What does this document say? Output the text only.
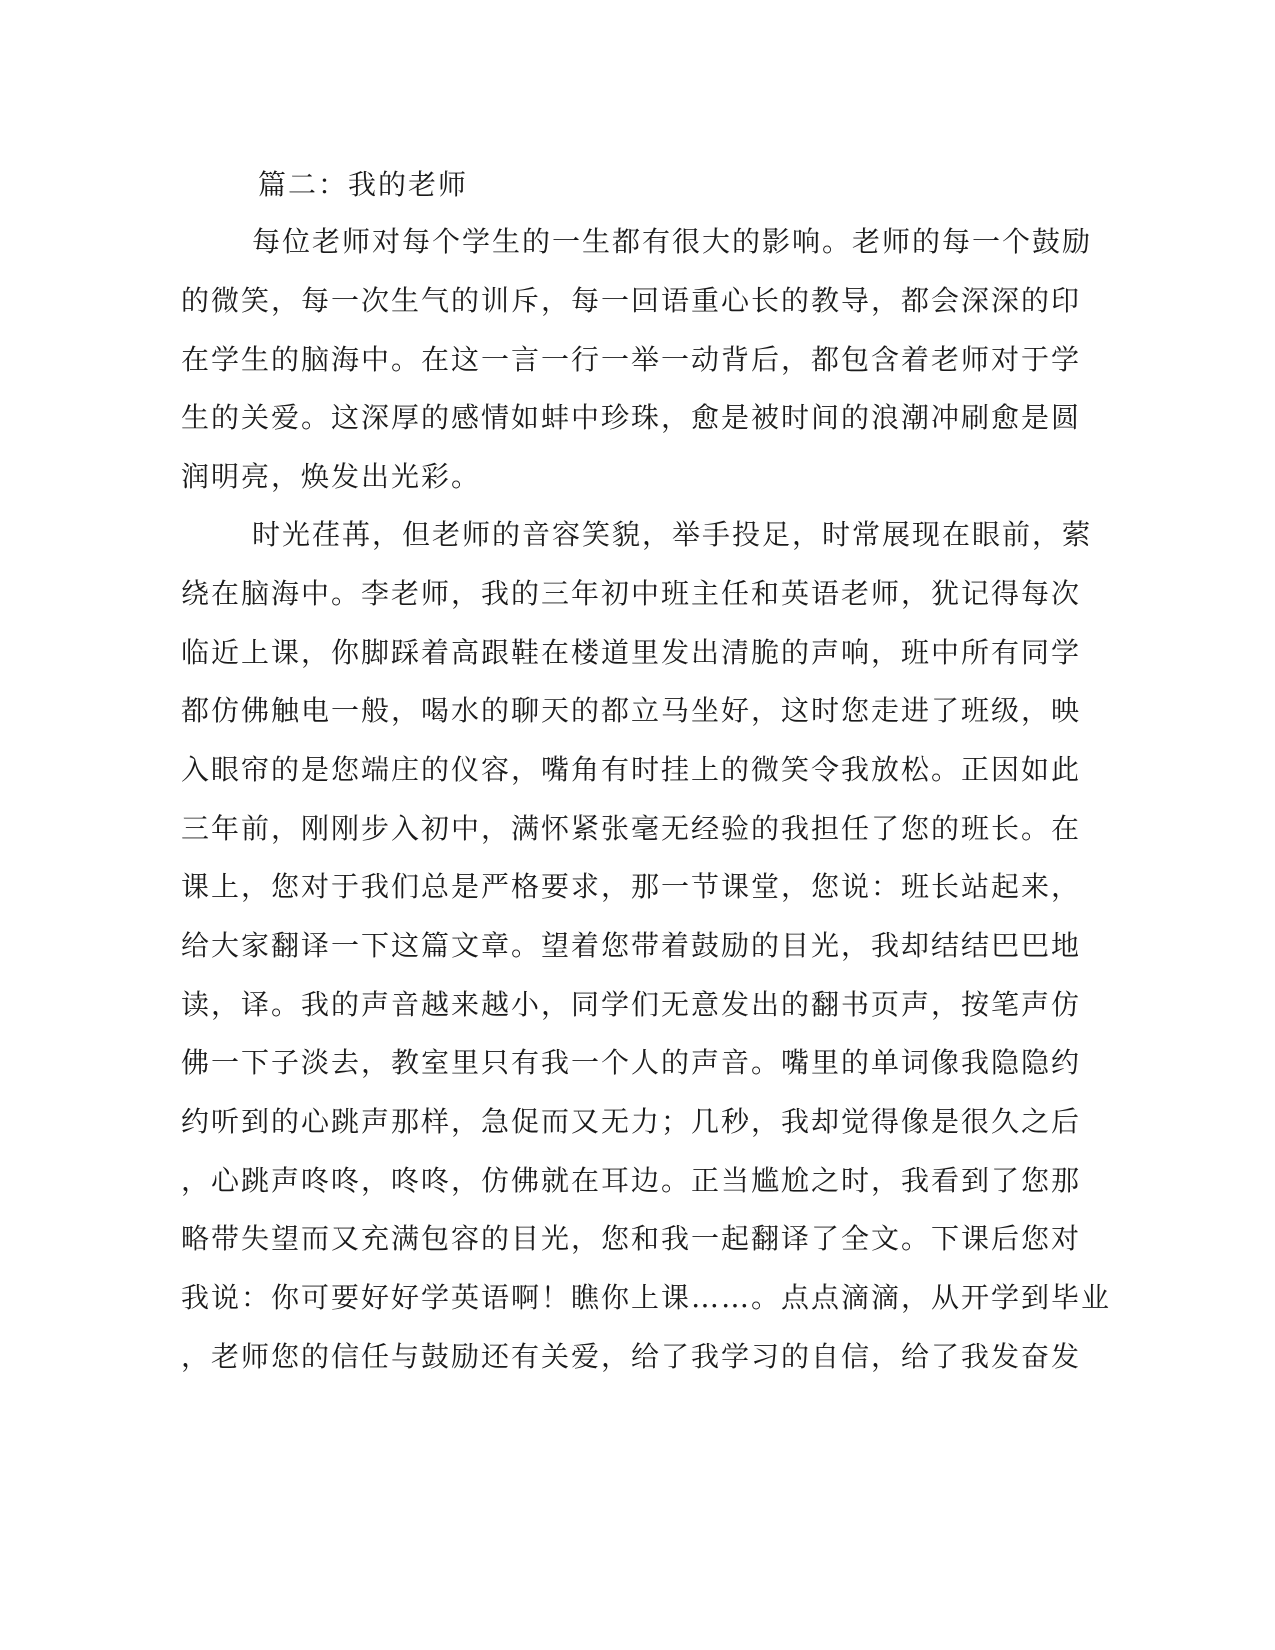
篇二：我的老师
每位老师对每个学生的一生都有很大的影响。老师的每一个鼓励
的微笑，每一次生气的训斥，每一回语重心长的教导，都会深深的印
在学生的脑海中。在这一言一行一举一动背后，都包含着老师对于学
生的关爱。这深厚的感情如蚌中珍珠，愈是被时间的浪潮冲刷愈是圆
润明亮，焕发出光彩。
时光荏苒，但老师的音容笑貌，举手投足，时常展现在眼前，萦
绕在脑海中。李老师，我的三年初中班主任和英语老师，犹记得每次
临近上课，你脚踩着高跟鞋在楼道里发出清脆的声响，班中所有同学
都仿佛触电一般，喝水的聊天的都立马坐好，这时您走进了班级，映
入眼帘的是您端庄的仪容，嘴角有时挂上的微笑令我放松。正因如此
三年前，刚刚步入初中，满怀紧张毫无经验的我担任了您的班长。在
课上，您对于我们总是严格要求，那一节课堂，您说：班长站起来，
给大家翻译一下这篇文章。望着您带着鼓励的目光，我却结结巴巴地
读，译。我的声音越来越小，同学们无意发出的翻书页声，按笔声仿
佛一下子淡去，教室里只有我一个人的声音。嘴里的单词像我隐隐约
约听到的心跳声那样，急促而又无力；几秒，我却觉得像是很久之后
，心跳声咚咚，咚咚，仿佛就在耳边。正当尴尬之时，我看到了您那
略带失望而又充满包容的目光，您和我一起翻译了全文。下课后您对
我说：你可要好好学英语啊！瞧你上课……。点点滴滴，从开学到毕业
，老师您的信任与鼓励还有关爱，给了我学习的自信，给了我发奋发
